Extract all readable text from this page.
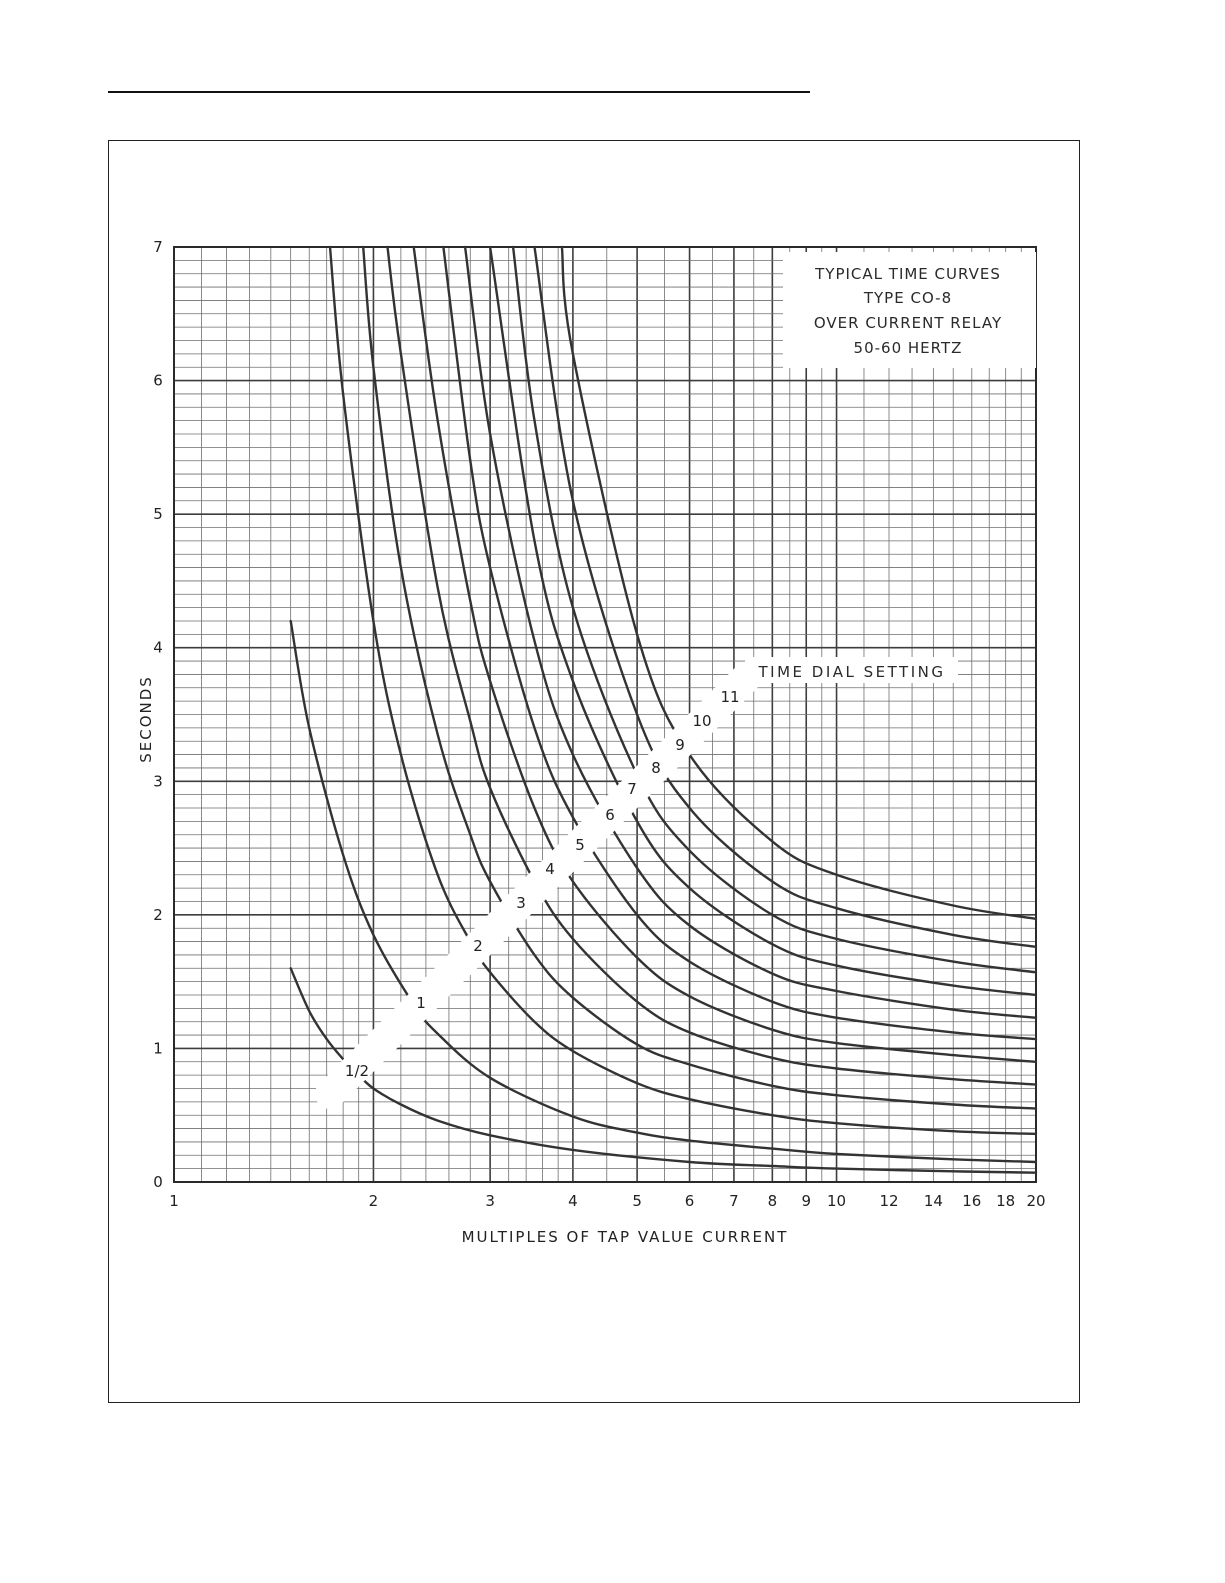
1/2
1
2
3
4
5
6
7
8
9
10
11
1	2	3	4	5	6 7 8 9 10 12 14 16 18 20
0
1
2
3
4
5
6
7
TYPICAL TIME CURVES
TYPE CO-8
OVER CURRENT RELAY
50-60 HERTZ
TIME DIAL SETTING
MULTIPLES OF TAP VALUE CURRENT
SECONDS
